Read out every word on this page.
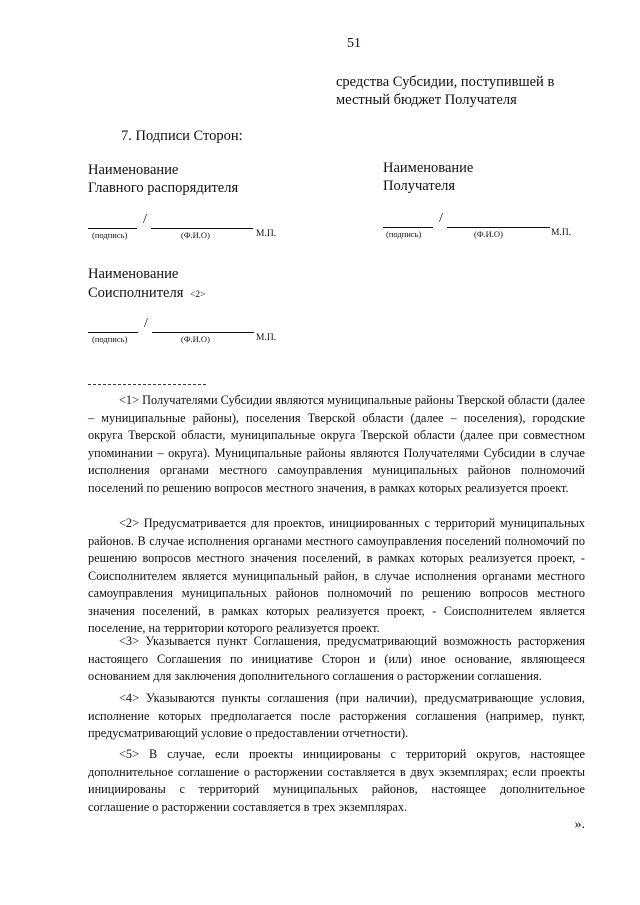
51
средства Субсидии, поступившей в
местный бюджет Получателя
7. Подписи Сторон:
Наименование
Главного распорядителя
/
(подпись)	(Ф.И.О)	М.П.
Наименование
Получателя
/
(подпись)	(Ф.И.О)	М.П.
Наименование
Соисполнителя <2>
/
(подпись)	(Ф.И.О)	М.П.

<1> Получателями Субсидии являются муниципальные районы Тверской области (далее – муниципальные районы), поселения Тверской области (далее – поселения), городские округа Тверской области, муниципальные округа Тверской области (далее при совместном упоминании – округа). Муниципальные районы являются Получателями Субсидии в случае исполнения органами местного самоуправления муниципальных районов полномочий поселений по решению вопросов местного значения, в рамках которых реализуется проект.

<2> Предусматривается для проектов, инициированных с территорий муниципальных районов. В случае исполнения органами местного самоуправления поселений полномочий по решению вопросов местного значения поселений, в рамках которых реализуется проект, - Соисполнителем является муниципальный район, в случае исполнения органами местного самоуправления муниципальных районов полномочий по решению вопросов местного значения поселений, в рамках которых реализуется проект, - Соисполнителем является поселение, на территории которого реализуется проект.

<3> Указывается пункт Соглашения, предусматривающий возможность расторжения настоящего Соглашения по инициативе Сторон и (или) иное основание, являющееся основанием для заключения дополнительного соглашения о расторжении соглашения.

<4> Указываются пункты соглашения (при наличии), предусматривающие условия, исполнение которых предполагается после расторжения соглашения (например, пункт, предусматривающий условие о предоставлении отчетности).

<5> В случае, если проекты инициированы с территорий округов, настоящее дополнительное соглашение о расторжении составляется в двух экземплярах; если проекты инициированы с территорий муниципальных районов, настоящее дополнительное соглашение о расторжении составляется в трех экземплярах.

».
